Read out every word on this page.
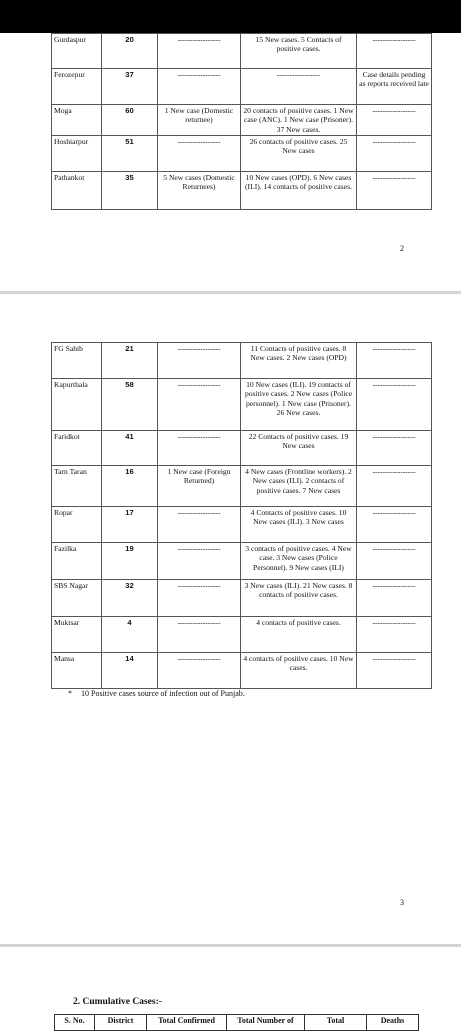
Gurdaspur	20	-----------------	15 New cases. 5 Contacts of positive cases.	-----------------
Ferozepur	37	-----------------	-----------------	Case details pending as reports received late
Moga	60	1 New case (Domestic returnee)	20 contacts of positive cases. 1 New case (ANC). 1 New case (Prisoner). 37 New cases.	-----------------
Hoshiarpur	51	-----------------	26 contacts of positive cases. 25 New cases	-----------------
Pathankot	35	5 New cases (Domestic Returnees)	10 New cases (OPD). 6 New cases (ILI). 14 contacts of positive cases.	-----------------
2
FG Sahib	21	-----------------	11 Contacts of positive cases. 8 New cases. 2 New cases (OPD)	-----------------
Kapurthala	58	-----------------	10 New cases (ILI). 19 contacts of positive cases. 2 New cases (Police personnel). 1 New case (Prisoner). 26 New cases.	-----------------
Faridkot	41	-----------------	22 Contacts of positive cases. 19 New cases	-----------------
Tarn Taran	16	1 New case (Foreign Returned)	4 New cases (Frontline workers). 2 New cases (ILI). 2 contacts of positive cases. 7 New cases	-----------------
Ropar	17	-----------------	4 Contacts of positive cases. 10 New cases (ILI). 3 New cases	-----------------
Fazilka	19	-----------------	3 contacts of positive cases. 4 New case. 3 New cases (Police Personnel). 9 New cases (ILI)	-----------------
SBS Nagar	32	-----------------	3 New cases (ILI). 21 New cases. 8 contacts of positive cases.	-----------------
Muktsar	4	-----------------	4 contacts of positive cases.	-----------------
Mansa	14	-----------------	4 contacts of positive cases. 10 New cases.	-----------------
* 10 Positive cases source of infection out of Punjab.
3
2. Cumulative Cases:-
S. No.	District	Total Confirmed	Total Number of	Total	Deaths
